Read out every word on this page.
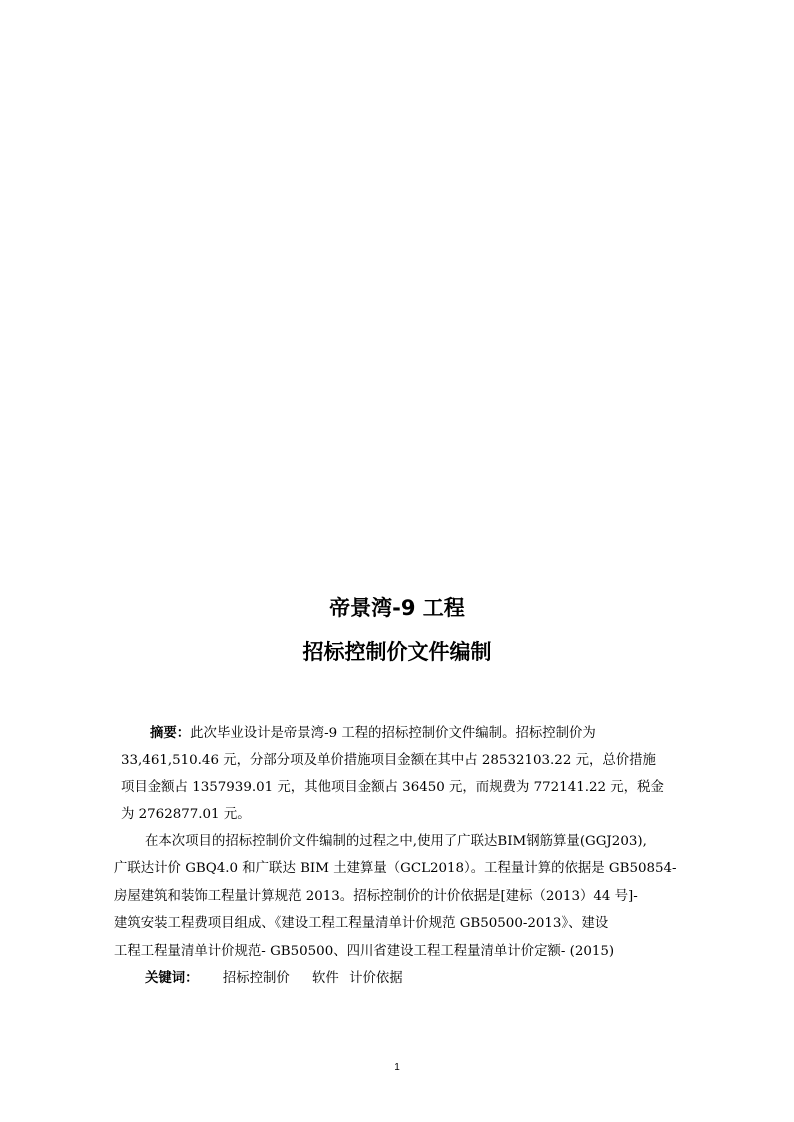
帝景湾-9 工程
招标控制价文件编制
摘要：此次毕业设计是帝景湾-9 工程的招标控制价文件编制。招标控制价为
33,461,510.46 元，分部分项及单价措施项目金额在其中占 28532103.22 元，总价措施
项目金额占 1357939.01 元，其他项目金额占 36450 元，而规费为 772141.22 元，税金
为 2762877.01 元。
在本次项目的招标控制价文件编制的过程之中,使用了广联达BIM钢筋算量(GGJ203),
广联达计价 GBQ4.0 和广联达 BIM 土建算量（GCL2018）。工程量计算的依据是 GB50854-
房屋建筑和装饰工程量计算规范 2013。招标控制价的计价依据是[建标（2013）44 号]-
建筑安装工程费项目组成、《建设工程工程量清单计价规范 GB50500-2013》、建设
工程工程量清单计价规范- GB50500、四川省建设工程工程量清单计价定额- (2015)
关键词： 招标控制价 软件 计价依据
1
